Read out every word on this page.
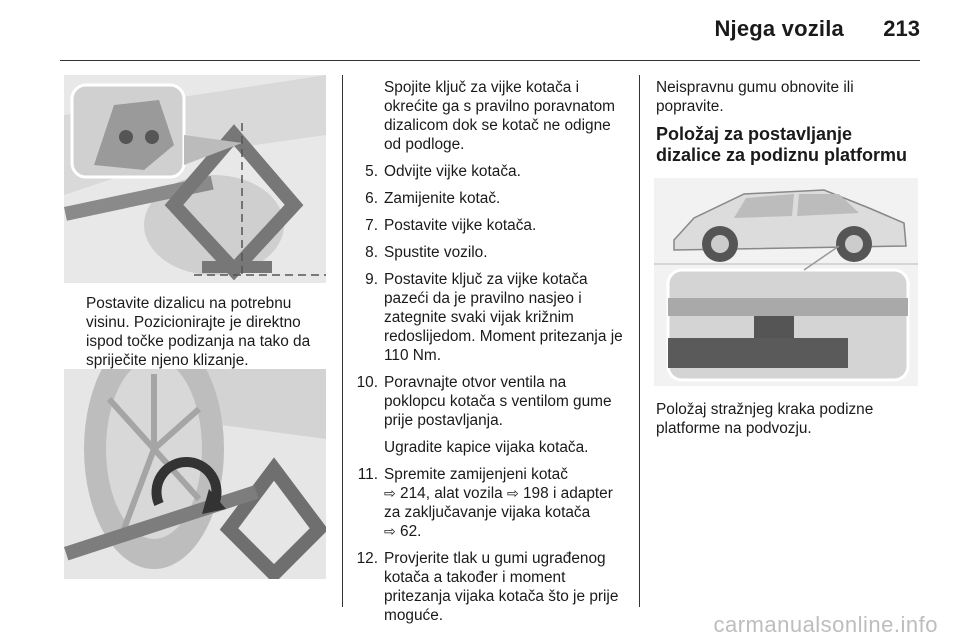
Njega vozila 213
Postavite dizalicu na potrebnu visinu. Pozicionirajte je direktno ispod točke podizanja na tako da spriječite njeno klizanje.

Spojite ključ za vijke kotača i okrećite ga s pravilno poravnatom dizalicom dok se kotač ne odigne od podloge.

5. Odvijte vijke kotača.
6. Zamijenite kotač.
7. Postavite vijke kotača.
8. Spustite vozilo.
9. Postavite ključ za vijke kotača pazeći da je pravilno nasjeo i zategnite svaki vijak križnim redoslijedom. Moment pritezanja je 110 Nm.
10. Poravnajte otvor ventila na poklopcu kotača s ventilom gume prije postavljanja.

Ugradite kapice vijaka kotača.

11. Spremite zamijenjeni kotač
⇨ 214, alat vozila ⇨ 198 i adapter za zaključavanje vijaka kotača
⇨ 62.
12. Provjerite tlak u gumi ugrađenog kotača a također i moment pritezanja vijaka kotača što je prije moguće.

Neispravnu gumu obnovite ili popravite.

Položaj za postavljanje dizalice za podiznu platformu
Položaj stražnjeg kraka podizne platforme na podvozju.
carmanualsonline.info
